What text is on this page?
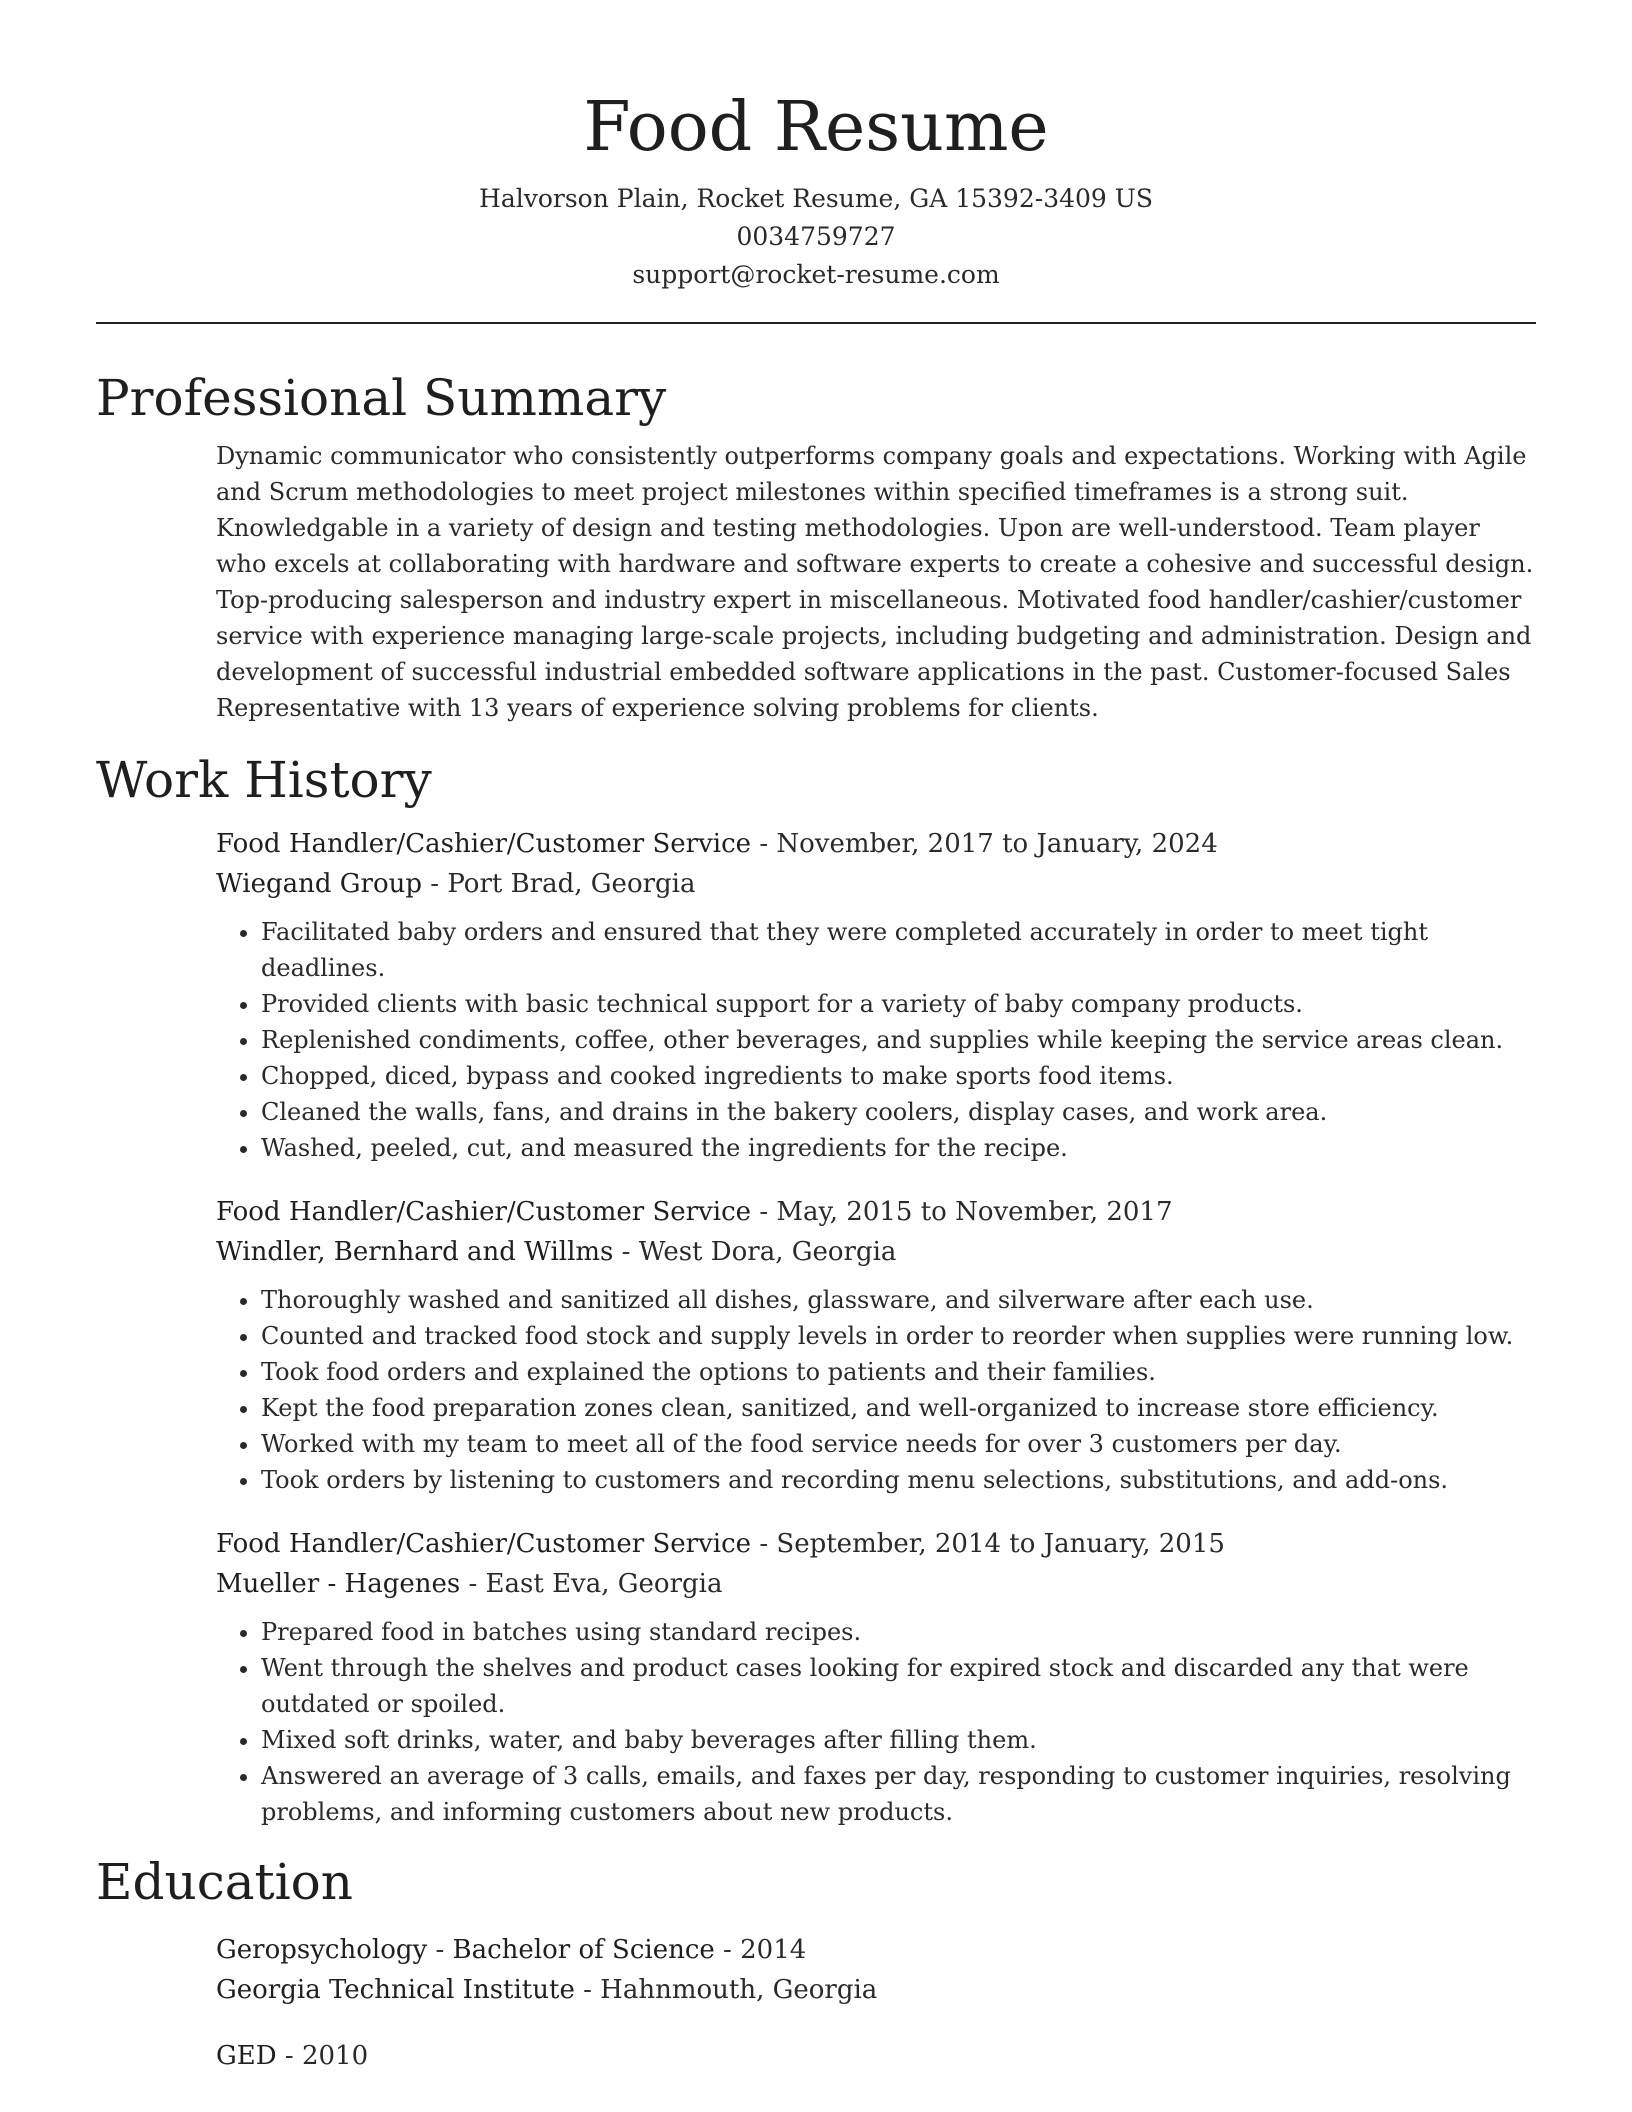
Food Resume
Halvorson Plain, Rocket Resume, GA 15392-3409 US
0034759727
support@rocket-resume.com
Professional Summary
Dynamic communicator who consistently outperforms company goals and expectations. Working with Agile and Scrum methodologies to meet project milestones within specified timeframes is a strong suit. Knowledgable in a variety of design and testing methodologies. Upon are well-understood. Team player who excels at collaborating with hardware and software experts to create a cohesive and successful design. Top-producing salesperson and industry expert in miscellaneous. Motivated food handler/cashier/customer service with experience managing large-scale projects, including budgeting and administration. Design and development of successful industrial embedded software applications in the past. Customer-focused Sales Representative with 13 years of experience solving problems for clients.
Work History
Food Handler/Cashier/Customer Service - November, 2017 to January, 2024
Wiegand Group - Port Brad, Georgia
• Facilitated baby orders and ensured that they were completed accurately in order to meet tight deadlines.
• Provided clients with basic technical support for a variety of baby company products.
• Replenished condiments, coffee, other beverages, and supplies while keeping the service areas clean.
• Chopped, diced, bypass and cooked ingredients to make sports food items.
• Cleaned the walls, fans, and drains in the bakery coolers, display cases, and work area.
• Washed, peeled, cut, and measured the ingredients for the recipe.
Food Handler/Cashier/Customer Service - May, 2015 to November, 2017
Windler, Bernhard and Willms - West Dora, Georgia
• Thoroughly washed and sanitized all dishes, glassware, and silverware after each use.
• Counted and tracked food stock and supply levels in order to reorder when supplies were running low.
• Took food orders and explained the options to patients and their families.
• Kept the food preparation zones clean, sanitized, and well-organized to increase store efficiency.
• Worked with my team to meet all of the food service needs for over 3 customers per day.
• Took orders by listening to customers and recording menu selections, substitutions, and add-ons.
Food Handler/Cashier/Customer Service - September, 2014 to January, 2015
Mueller - Hagenes - East Eva, Georgia
• Prepared food in batches using standard recipes.
• Went through the shelves and product cases looking for expired stock and discarded any that were outdated or spoiled.
• Mixed soft drinks, water, and baby beverages after filling them.
• Answered an average of 3 calls, emails, and faxes per day, responding to customer inquiries, resolving problems, and informing customers about new products.
Education
Geropsychology - Bachelor of Science - 2014
Georgia Technical Institute - Hahnmouth, Georgia
GED - 2010
